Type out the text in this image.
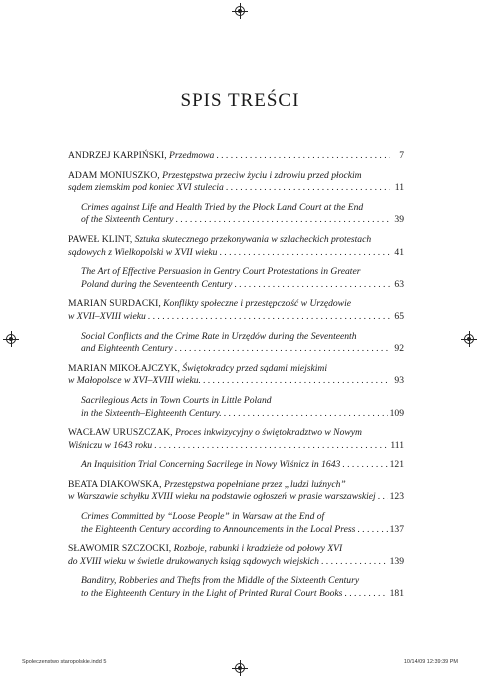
SPIS TREŚCI
ANDRZEJ KARPIŃSKI, Przedmowa . . .	7
ADAM MONIUSZKO, Przestępstwa przeciw życiu i zdrowiu przed płockim
sądem ziemskim pod koniec XVI stulecia . . .	11
Crimes against Life and Health Tried by the Płock Land Court at the End
of the Sixteenth Century . . .	39
PAWEŁ KLINT, Sztuka skutecznego przekonywania w szlacheckich protestach
sądowych z Wielkopolski w XVII wieku . . .	41
The Art of Effective Persuasion in Gentry Court Protestations in Greater
Poland during the Seventeenth Century . . .	63
MARIAN SURDACKI, Konflikty społeczne i przestępczość w Urzędowie
w XVII–XVIII wieku . . .	65
Social Conflicts and the Crime Rate in Urzędów during the Seventeenth
and Eighteenth Century . . .	92
MARIAN MIKOŁAJCZYK, Świętokradcy przed sądami miejskimi
w Małopolsce w XVI–XVIII wieku. . . .	93
Sacrilegious Acts in Town Courts in Little Poland
in the Sixteenth–Eighteenth Century. . . .	109
WACŁAW URUSZCZAK, Proces inkwizycyjny o świętokradztwo w Nowym
Wiśniczu w 1643 roku . . .	111
An Inquisition Trial Concerning Sacrilege in Nowy Wiśnicz in 1643 . . .	121
BEATA DIAKOWSKA, Przestępstwa popełniane przez „ludzi luźnych”
w Warszawie schyłku XVIII wieku na podstawie ogłoszeń w prasie warszawskiej . . . 123
Crimes Committed by “Loose People” in Warsaw at the End of
the Eighteenth Century according to Announcements in the Local Press . . .	137
SŁAWOMIR SZCZOCKI, Rozboje, rabunki i kradzieże od połowy XVI
do XVIII wieku w świetle drukowanych ksiąg sądowych wiejskich . . .	139
Banditry, Robberies and Thefts from the Middle of the Sixteenth Century
to the Eighteenth Century in the Light of Printed Rural Court Books . . .	181
Spoleczenstwo staropolskie.indd 5	10/14/09 12:39:39 PM
